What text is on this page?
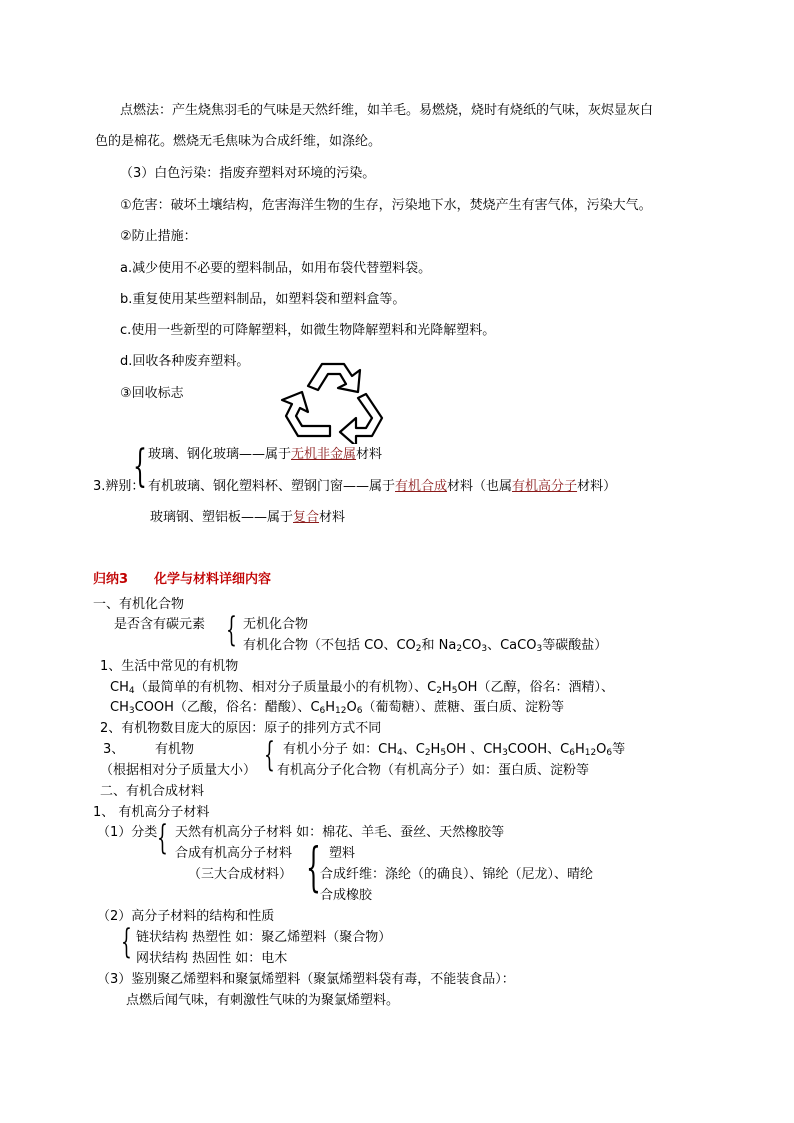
点燃法：产生烧焦羽毛的气味是天然纤维，如羊毛。易燃烧，烧时有烧纸的气味，灰烬显灰白
色的是棉花。燃烧无毛焦味为合成纤维，如涤纶。
（3）白色污染：指废弃塑料对环境的污染。
①危害：破坏土壤结构，危害海洋生物的生存，污染地下水，焚烧产生有害气体，污染大气。
②防止措施：
a.减少使用不必要的塑料制品，如用布袋代替塑料袋。
b.重复使用某些塑料制品，如塑料袋和塑料盒等。
c.使用一些新型的可降解塑料，如微生物降解塑料和光降解塑料。
d.回收各种废弃塑料。
③回收标志
玻璃、钢化玻璃——属于无机非金属材料
{
3.辨别： 有机玻璃、钢化塑料杯、塑钢门窗——属于有机合成材料（也属有机高分子材料）
玻璃钢、塑铝板——属于复合材料
归纳3 化学与材料详细内容
一、有机化合物
是否含有碳元素 { 无机化合物
有机化合物（不包括 CO、$CO_2$和 $Na_2CO_3$、CaCO$_3$等碳酸盐）
1、生活中常见的有机物
$CH_4$（最简单的有机物、相对分子质量最小的有机物）、$C_2H_5OH$（乙醇，俗名：酒精）、
$CH_3COOH$（乙酸，俗名：醋酸）、$C_6H_{12}O_6$（葡萄糖）、蔗糖、蛋白质、淀粉等
2、有机物数目庞大的原因：原子的排列方式不同
3、 有机物
（根据相对分子质量大小） { 有机小分子 如：$CH_4$、$C_2H_5OH$ 、$CH_3COOH$、$C_6H_{12}O_6$等
有机高分子化合物（有机高分子）如：蛋白质、淀粉等
二、有机合成材料
1、 有机高分子材料
（1）分类 { 天然有机高分子材料 如：棉花、羊毛、蚕丝、天然橡胶等
合成有机高分子材料
（三大合成材料） { 塑料
合成纤维：涤纶（的确良）、锦纶（尼龙）、晴纶
合成橡胶
（2）高分子材料的结构和性质
{ 链状结构 热塑性 如：聚乙烯塑料（聚合物）
网状结构 热固性 如：电木
（3）鉴别聚乙烯塑料和聚氯烯塑料（聚氯烯塑料袋有毒，不能装食品）：
点燃后闻气味，有刺激性气味的为聚氯烯塑料。
